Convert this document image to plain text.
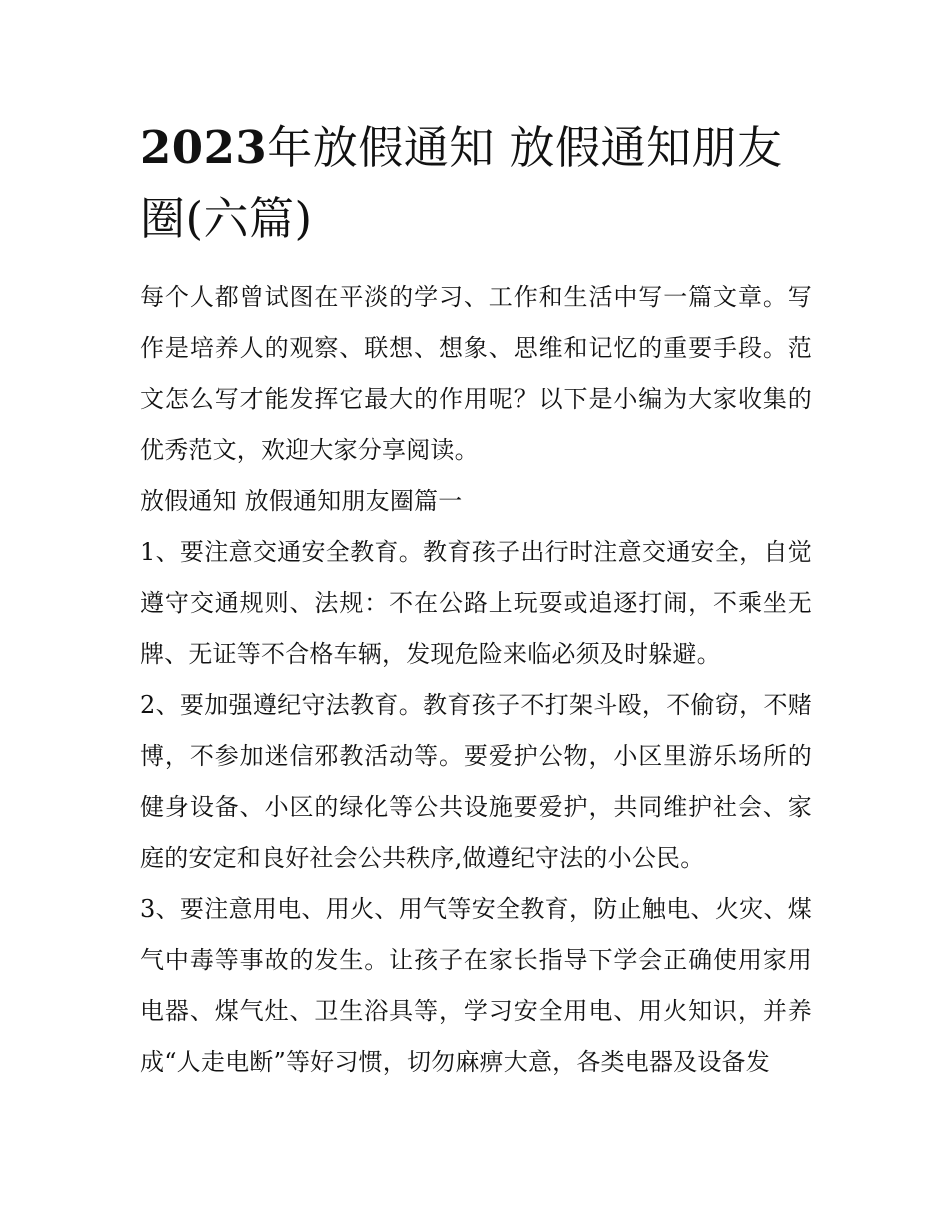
2023年放假通知 放假通知朋友圈(六篇)

每个人都曾试图在平淡的学习、工作和生活中写一篇文章。写作是培养人的观察、联想、想象、思维和记忆的重要手段。范文怎么写才能发挥它最大的作用呢？以下是小编为大家收集的优秀范文，欢迎大家分享阅读。

放假通知 放假通知朋友圈篇一

1、要注意交通安全教育。教育孩子出行时注意交通安全，自觉遵守交通规则、法规：不在公路上玩耍或追逐打闹，不乘坐无牌、无证等不合格车辆，发现危险来临必须及时躲避。

2、要加强遵纪守法教育。教育孩子不打架斗殴，不偷窃，不赌博，不参加迷信邪教活动等。要爱护公物，小区里游乐场所的健身设备、小区的绿化等公共设施要爱护，共同维护社会、家庭的安定和良好社会公共秩序,做遵纪守法的小公民。

3、要注意用电、用火、用气等安全教育，防止触电、火灾、煤气中毒等事故的发生。让孩子在家长指导下学会正确使用家用电器、煤气灶、卫生浴具等，学习安全用电、用火知识，并养成“人走电断”等好习惯，切勿麻痹大意，各类电器及设备发
